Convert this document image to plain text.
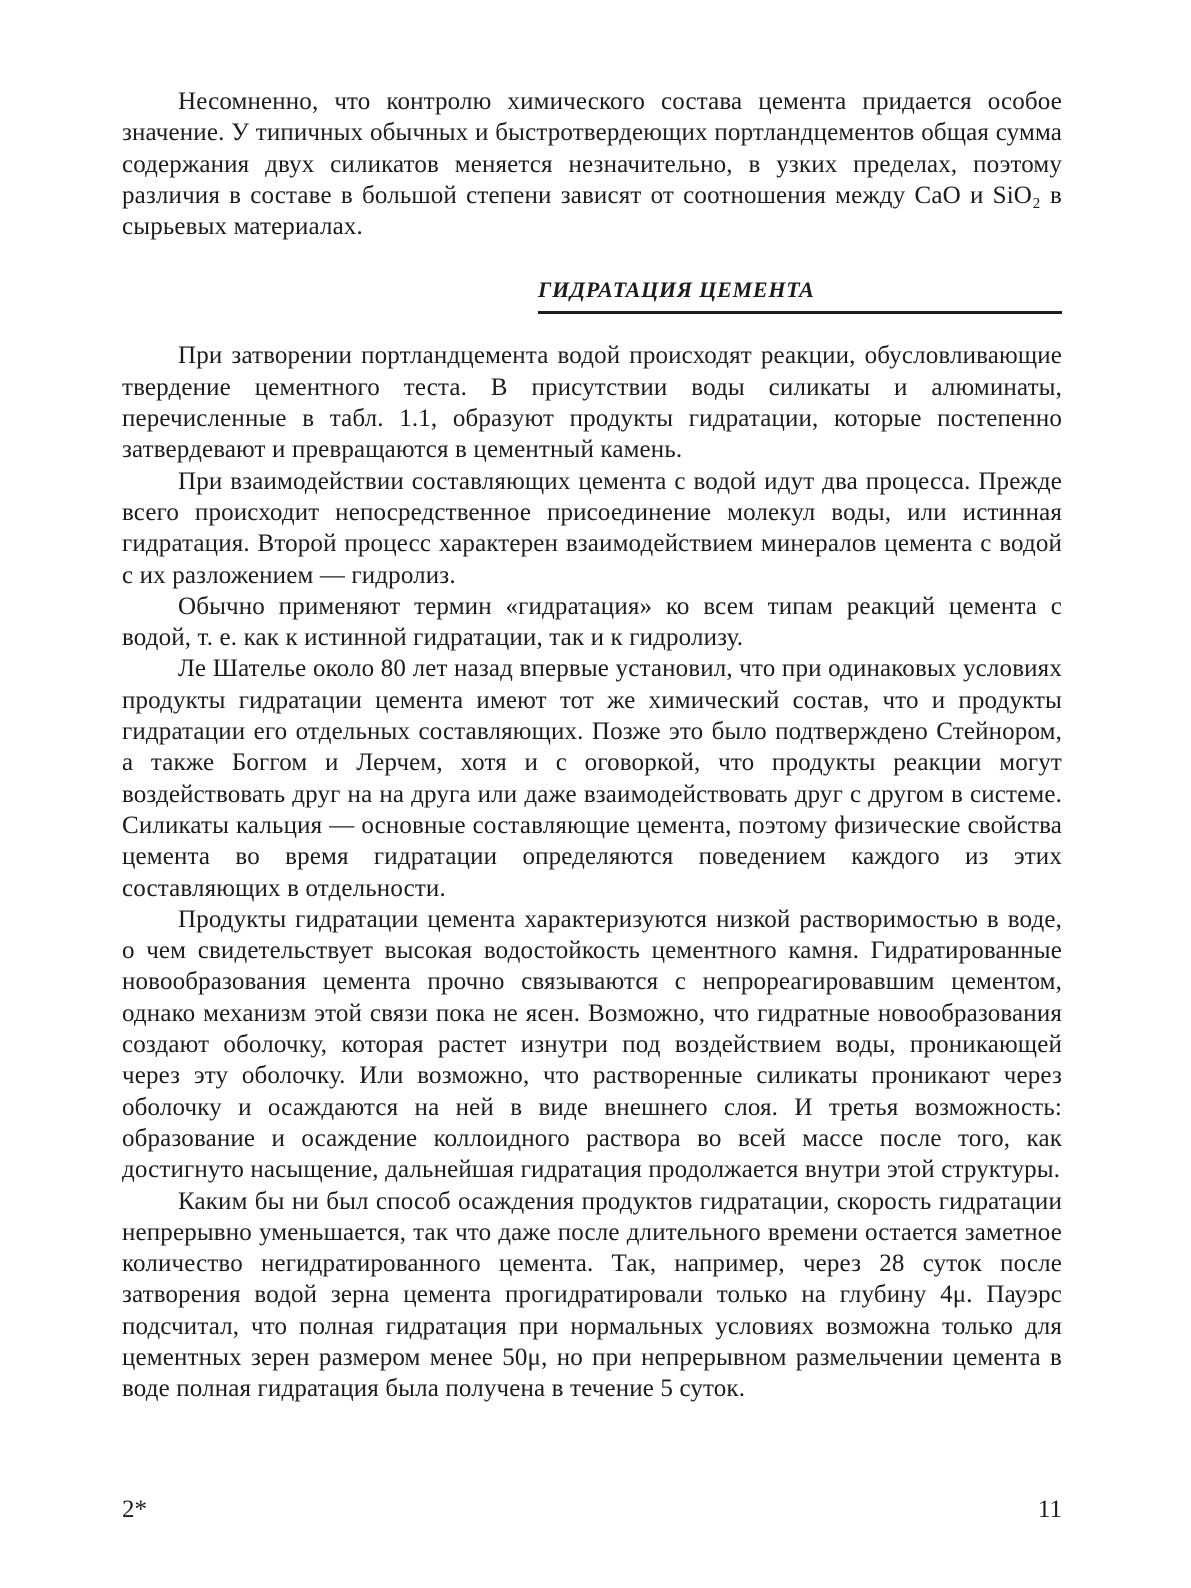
Несомненно, что контролю химического состава цемента придается особое значение. У типичных обычных и быстротвердеющих портландцементов общая сумма содержания двух силикатов меняется незначительно, в узких пределах, поэтому различия в составе в большой степени зависят от соотношения между CaO и SiO₂ в сырьевых материалах.

ГИДРАТАЦИЯ ЦЕМЕНТА

При затворении портландцемента водой происходят реакции, обусловливающие твердение цементного теста. В присутствии воды силикаты и алюминаты, перечисленные в табл. 1.1, образуют продукты гидратации, которые постепенно затвердевают и превращаются в цементный камень.

При взаимодействии составляющих цемента с водой идут два процесса. Прежде всего происходит непосредственное присоединение молекул воды, или истинная гидратация. Второй процесс характерен взаимодействием минералов цемента с водой с их разложением — гидролиз.

Обычно применяют термин «гидратация» ко всем типам реакций цемента с водой, т. е. как к истинной гидратации, так и к гидролизу.

Ле Шателье около 80 лет назад впервые установил, что при одинаковых условиях продукты гидратации цемента имеют тот же химический состав, что и продукты гидратации его отдельных составляющих. Позже это было подтверждено Стейнором, а также Боггом и Лерчем, хотя и с оговоркой, что продукты реакции могут воздействовать друг на на друга или даже взаимодействовать друг с другом в системе. Силикаты кальция — основные составляющие цемента, поэтому физические свойства цемента во время гидратации определяются поведением каждого из этих составляющих в отдельности.

Продукты гидратации цемента характеризуются низкой растворимостью в воде, о чем свидетельствует высокая водостойкость цементного камня. Гидратированные новообразования цемента прочно связываются с непрореагировавшим цементом, однако механизм этой связи пока не ясен. Возможно, что гидратные новообразования создают оболочку, которая растет изнутри под воздействием воды, проникающей через эту оболочку. Или возможно, что растворенные силикаты проникают через оболочку и осаждаются на ней в виде внешнего слоя. И третья возможность: образование и осаждение коллоидного раствора во всей массе после того, как достигнуто насыщение, дальнейшая гидратация продолжается внутри этой структуры.

Каким бы ни был способ осаждения продуктов гидратации, скорость гидратации непрерывно уменьшается, так что даже после длительного времени остается заметное количество негидратированного цемента. Так, например, через 28 суток после затворения водой зерна цемента прогидратировали только на глубину 4μ. Пауэрс подсчитал, что полная гидратация при нормальных условиях возможна только для цементных зерен размером менее 50μ, но при непрерывном размельчении цемента в воде полная гидратация была получена в течение 5 суток.

2*	11
